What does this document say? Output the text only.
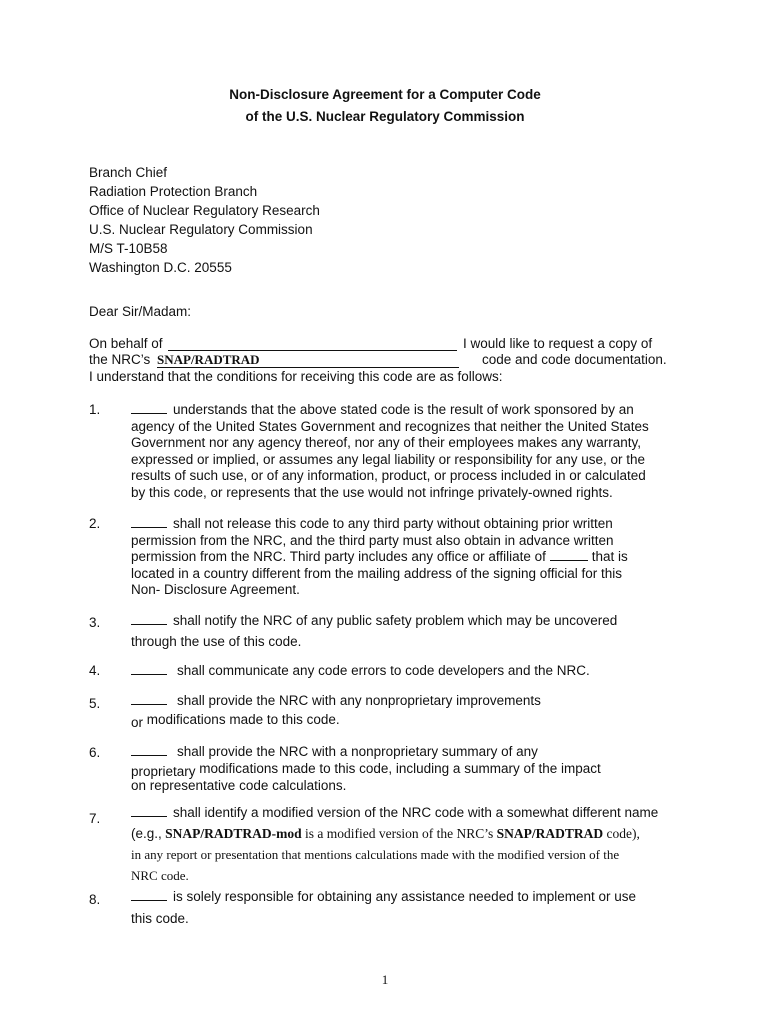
Non-Disclosure Agreement for a Computer Code
of the U.S. Nuclear Regulatory Commission
Branch Chief
Radiation Protection Branch
Office of Nuclear Regulatory Research
U.S. Nuclear Regulatory Commission
M/S T-10B58
Washington D.C. 20555
Dear Sir/Madam:
On behalf of	I would like to request a copy of
the NRC’s SNAP/RADTRAD	code and code documentation.
I understand that the conditions for receiving this code are as follows:
1.	understands that the above stated code is the result of work sponsored by an
agency of the United States Government and recognizes that neither the United States
Government nor any agency thereof, nor any of their employees makes any warranty,
expressed or implied, or assumes any legal liability or responsibility for any use, or the
results of such use, or of any information, product, or process included in or calculated
by this code, or represents that the use would not infringe privately-owned rights.
2.	shall not release this code to any third party without obtaining prior written
permission from the NRC, and the third party must also obtain in advance written
permission from the NRC. Third party includes any office or affiliate of	that is
located in a country different from the mailing address of the signing official for this
Non- Disclosure Agreement.
3.	shall notify the NRC of any public safety problem which may be uncovered
through the use of this code.
4.	shall communicate any code errors to code developers and the NRC.
5.	shall provide the NRC with any nonproprietary improvements
or modifications made to this code.
6.	shall provide the NRC with a nonproprietary summary of any
proprietary modifications made to this code, including a summary of the impact
on representative code calculations.
7.	shall identify a modified version of the NRC code with a somewhat different name
(e.g., SNAP/RADTRAD-mod is a modified version of the NRC’s SNAP/RADTRAD code),
in any report or presentation that mentions calculations made with the modified version of the
NRC code.
8.	is solely responsible for obtaining any assistance needed to implement or use
this code.
1
